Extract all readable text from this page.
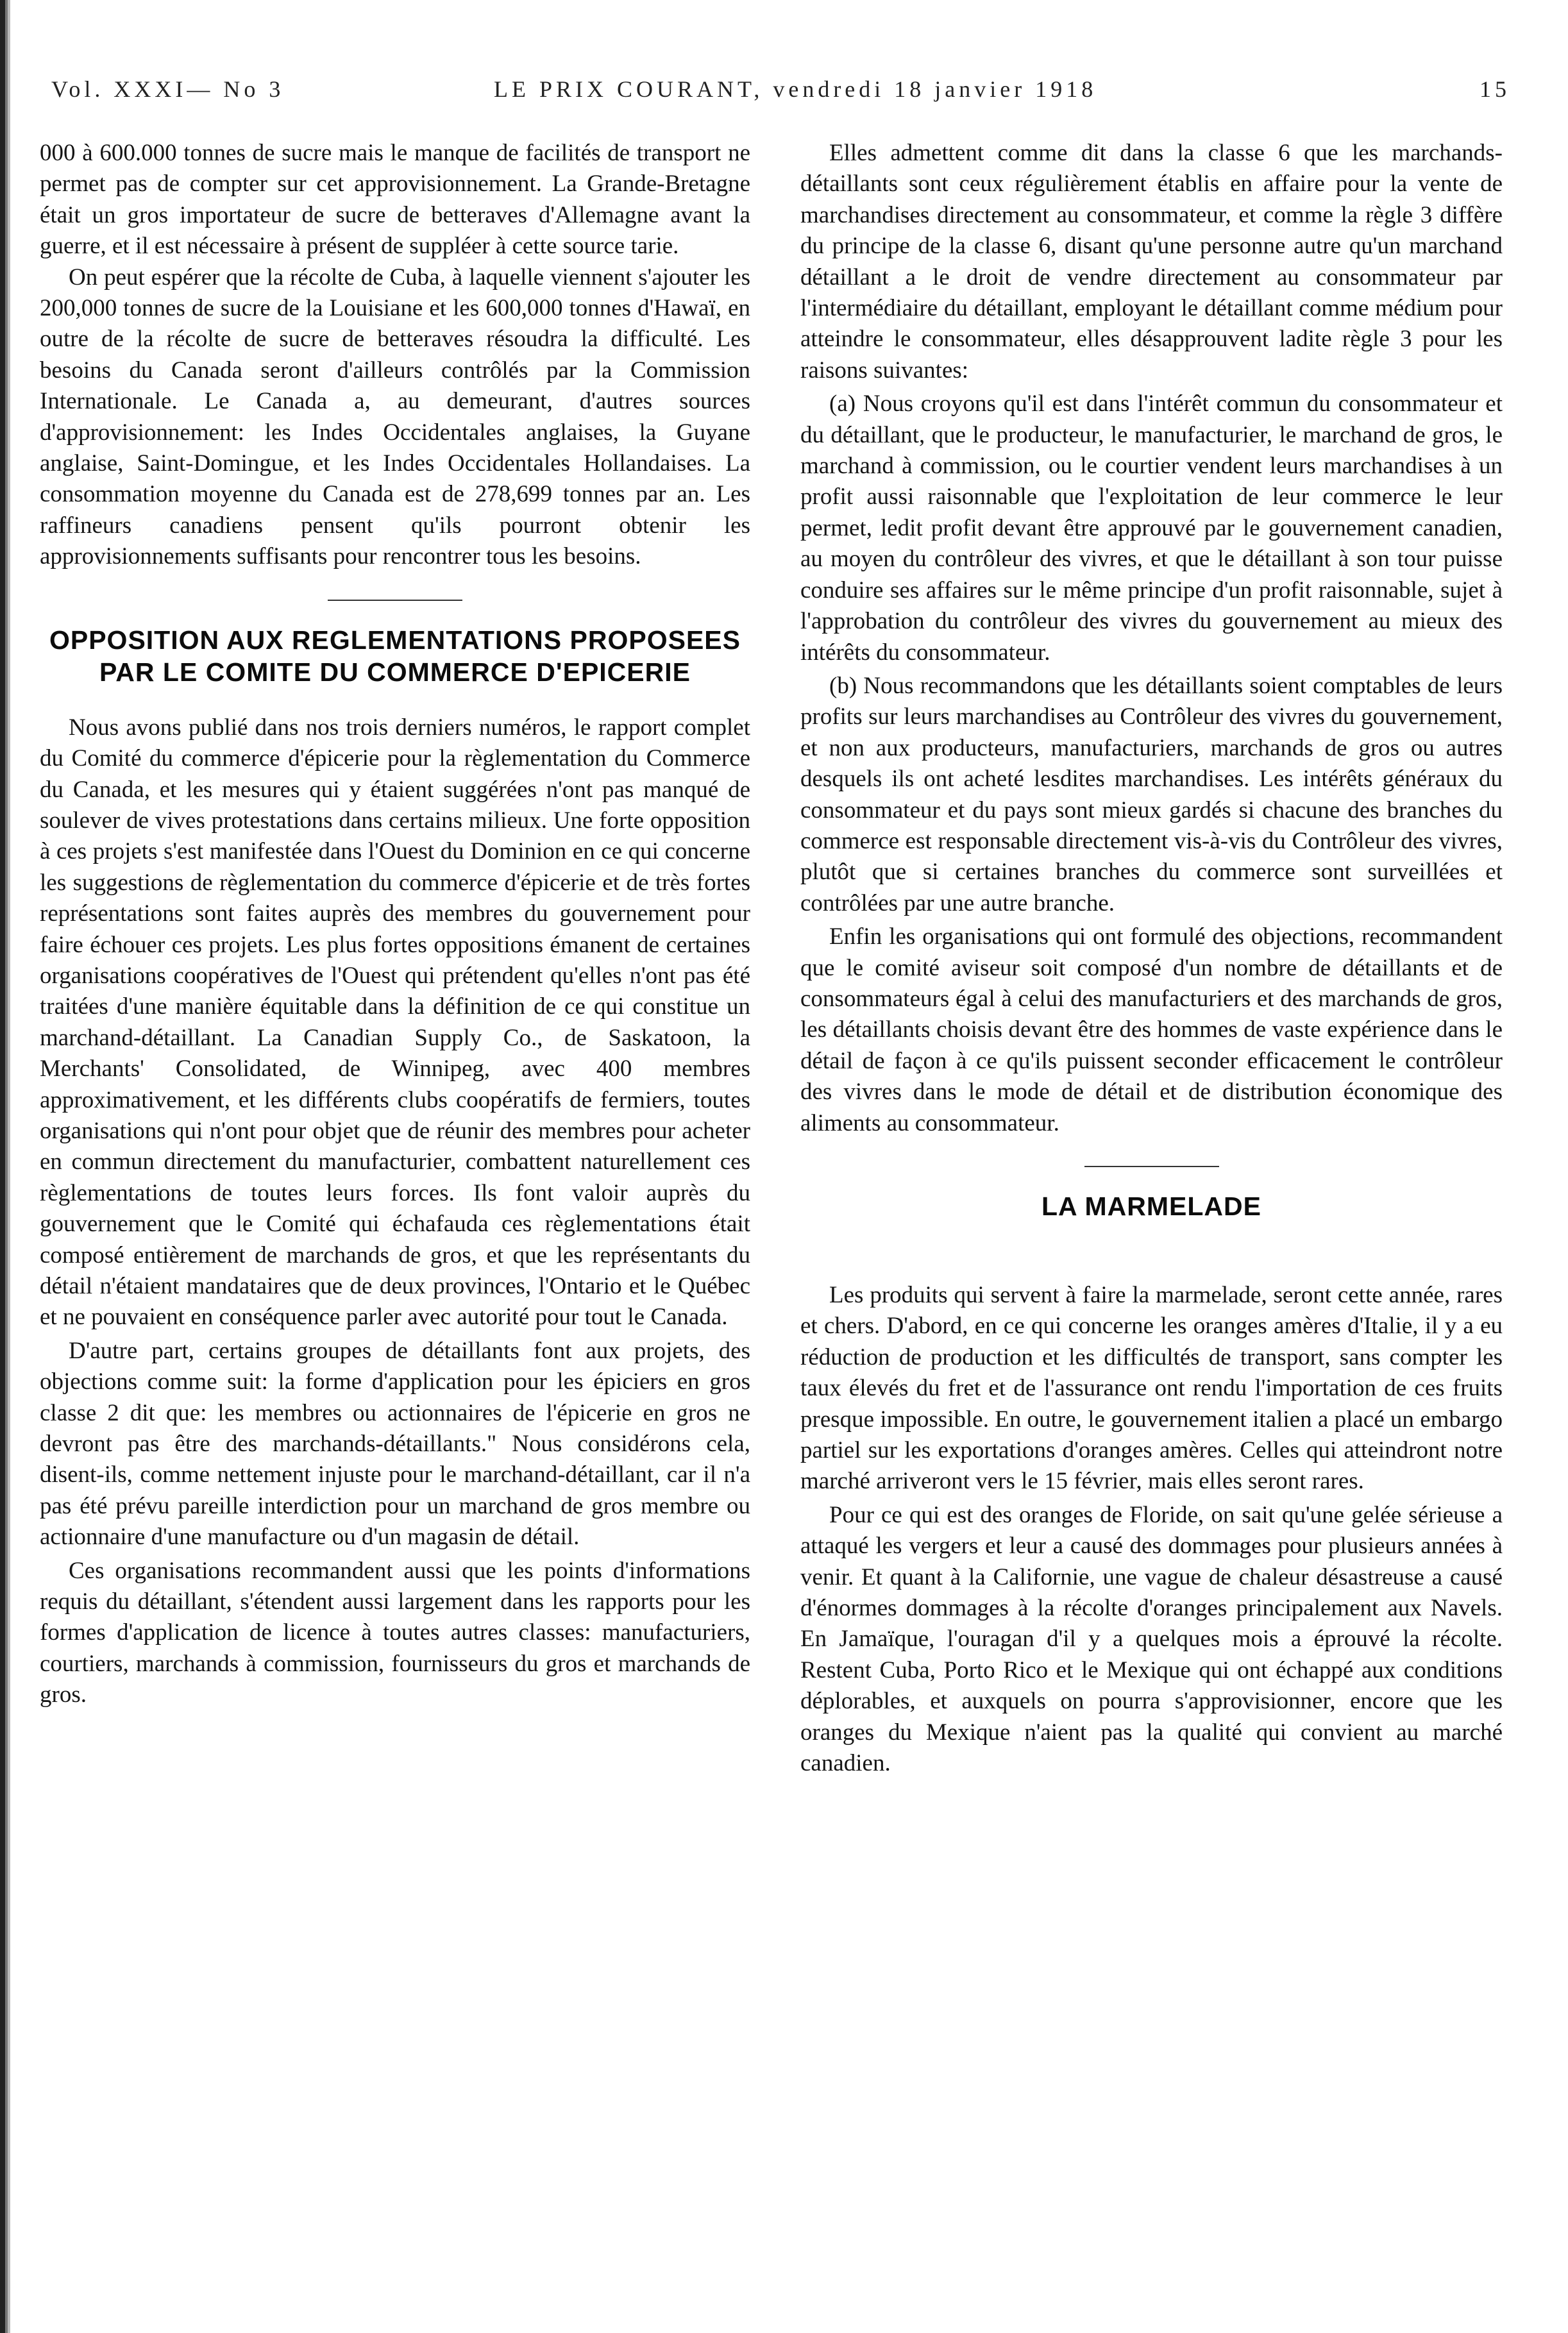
Vol. XXXI— No 3	LE PRIX COURANT, vendredi 18 janvier 1918	15

000 à 600.000 tonnes de sucre mais le manque de facilités de transport ne permet pas de compter sur cet approvisionnement. La Grande-Bretagne était un gros importateur de sucre de betteraves d'Allemagne avant la guerre, et il est nécessaire à présent de suppléer à cette source tarie.

On peut espérer que la récolte de Cuba, à laquelle viennent s'ajouter les 200,000 tonnes de sucre de la Louisiane et les 600,000 tonnes d'Hawaï, en outre de la récolte de sucre de betteraves résoudra la difficulté. Les besoins du Canada seront d'ailleurs contrôlés par la Commission Internationale. Le Canada a, au demeurant, d'autres sources d'approvisionnement: les Indes Occidentales anglaises, la Guyane anglaise, Saint-Domingue, et les Indes Occidentales Hollandaises. La consommation moyenne du Canada est de 278,699 tonnes par an. Les raffineurs canadiens pensent qu'ils pourront obtenir les approvisionnements suffisants pour rencontrer tous les besoins.

OPPOSITION AUX REGLEMENTATIONS PROPOSEES PAR LE COMITE DU COMMERCE D'EPICERIE

Nous avons publié dans nos trois derniers numéros, le rapport complet du Comité du commerce d'épicerie pour la règlementation du Commerce du Canada, et les mesures qui y étaient suggérées n'ont pas manqué de soulever de vives protestations dans certains milieux. Une forte opposition à ces projets s'est manifestée dans l'Ouest du Dominion en ce qui concerne les suggestions de règlementation du commerce d'épicerie et de très fortes représentations sont faites auprès des membres du gouvernement pour faire échouer ces projets. Les plus fortes oppositions émanent de certaines organisations coopératives de l'Ouest qui prétendent qu'elles n'ont pas été traitées d'une manière équitable dans la définition de ce qui constitue un marchand-détaillant. La Canadian Supply Co., de Saskatoon, la Merchants' Consolidated, de Winnipeg, avec 400 membres approximativement, et les différents clubs coopératifs de fermiers, toutes organisations qui n'ont pour objet que de réunir des membres pour acheter en commun directement du manufacturier, combattent naturellement ces règlementations de toutes leurs forces. Ils font valoir auprès du gouvernement que le Comité qui échafauda ces règlementations était composé entièrement de marchands de gros, et que les représentants du détail n'étaient mandataires que de deux provinces, l'Ontario et le Québec et ne pouvaient en conséquence parler avec autorité pour tout le Canada.

D'autre part, certains groupes de détaillants font aux projets, des objections comme suit: la forme d'application pour les épiciers en gros classe 2 dit que: les membres ou actionnaires de l'épicerie en gros ne devront pas être des marchands-détaillants." Nous considérons cela, disent-ils, comme nettement injuste pour le marchand-détaillant, car il n'a pas été prévu pareille interdiction pour un marchand de gros membre ou actionnaire d'une manufacture ou d'un magasin de détail.

Ces organisations recommandent aussi que les points d'informations requis du détaillant, s'étendent aussi largement dans les rapports pour les formes d'application de licence à toutes autres classes: manufacturiers, courtiers, marchands à commission, fournisseurs du gros et marchands de gros.

Elles admettent comme dit dans la classe 6 que les marchands-détaillants sont ceux régulièrement établis en affaire pour la vente de marchandises directement au consommateur, et comme la règle 3 diffère du principe de la classe 6, disant qu'une personne autre qu'un marchand détaillant a le droit de vendre directement au consommateur par l'intermédiaire du détaillant, employant le détaillant comme médium pour atteindre le consommateur, elles désapprouvent ladite règle 3 pour les raisons suivantes:

(a) Nous croyons qu'il est dans l'intérêt commun du consommateur et du détaillant, que le producteur, le manufacturier, le marchand de gros, le marchand à commission, ou le courtier vendent leurs marchandises à un profit aussi raisonnable que l'exploitation de leur commerce le leur permet, ledit profit devant être approuvé par le gouvernement canadien, au moyen du contrôleur des vivres, et que le détaillant à son tour puisse conduire ses affaires sur le même principe d'un profit raisonnable, sujet à l'approbation du contrôleur des vivres du gouvernement au mieux des intérêts du consommateur.

(b) Nous recommandons que les détaillants soient comptables de leurs profits sur leurs marchandises au Contrôleur des vivres du gouvernement, et non aux producteurs, manufacturiers, marchands de gros ou autres desquels ils ont acheté lesdites marchandises. Les intérêts généraux du consommateur et du pays sont mieux gardés si chacune des branches du commerce est responsable directement vis-à-vis du Contrôleur des vivres, plutôt que si certaines branches du commerce sont surveillées et contrôlées par une autre branche.

Enfin les organisations qui ont formulé des objections, recommandent que le comité aviseur soit composé d'un nombre de détaillants et de consommateurs égal à celui des manufacturiers et des marchands de gros, les détaillants choisis devant être des hommes de vaste expérience dans le détail de façon à ce qu'ils puissent seconder efficacement le contrôleur des vivres dans le mode de détail et de distribution économique des aliments au consommateur.

LA MARMELADE

Les produits qui servent à faire la marmelade, seront cette année, rares et chers. D'abord, en ce qui concerne les oranges amères d'Italie, il y a eu réduction de production et les difficultés de transport, sans compter les taux élevés du fret et de l'assurance ont rendu l'importation de ces fruits presque impossible. En outre, le gouvernement italien a placé un embargo partiel sur les exportations d'oranges amères. Celles qui atteindront notre marché arriveront vers le 15 février, mais elles seront rares.

Pour ce qui est des oranges de Floride, on sait qu'une gelée sérieuse a attaqué les vergers et leur a causé des dommages pour plusieurs années à venir. Et quant à la Californie, une vague de chaleur désastreuse a causé d'énormes dommages à la récolte d'oranges principalement aux Navels. En Jamaïque, l'ouragan d'il y a quelques mois a éprouvé la récolte. Restent Cuba, Porto Rico et le Mexique qui ont échappé aux conditions déplorables, et auxquels on pourra s'approvisionner, encore que les oranges du Mexique n'aient pas la qualité qui convient au marché canadien.
